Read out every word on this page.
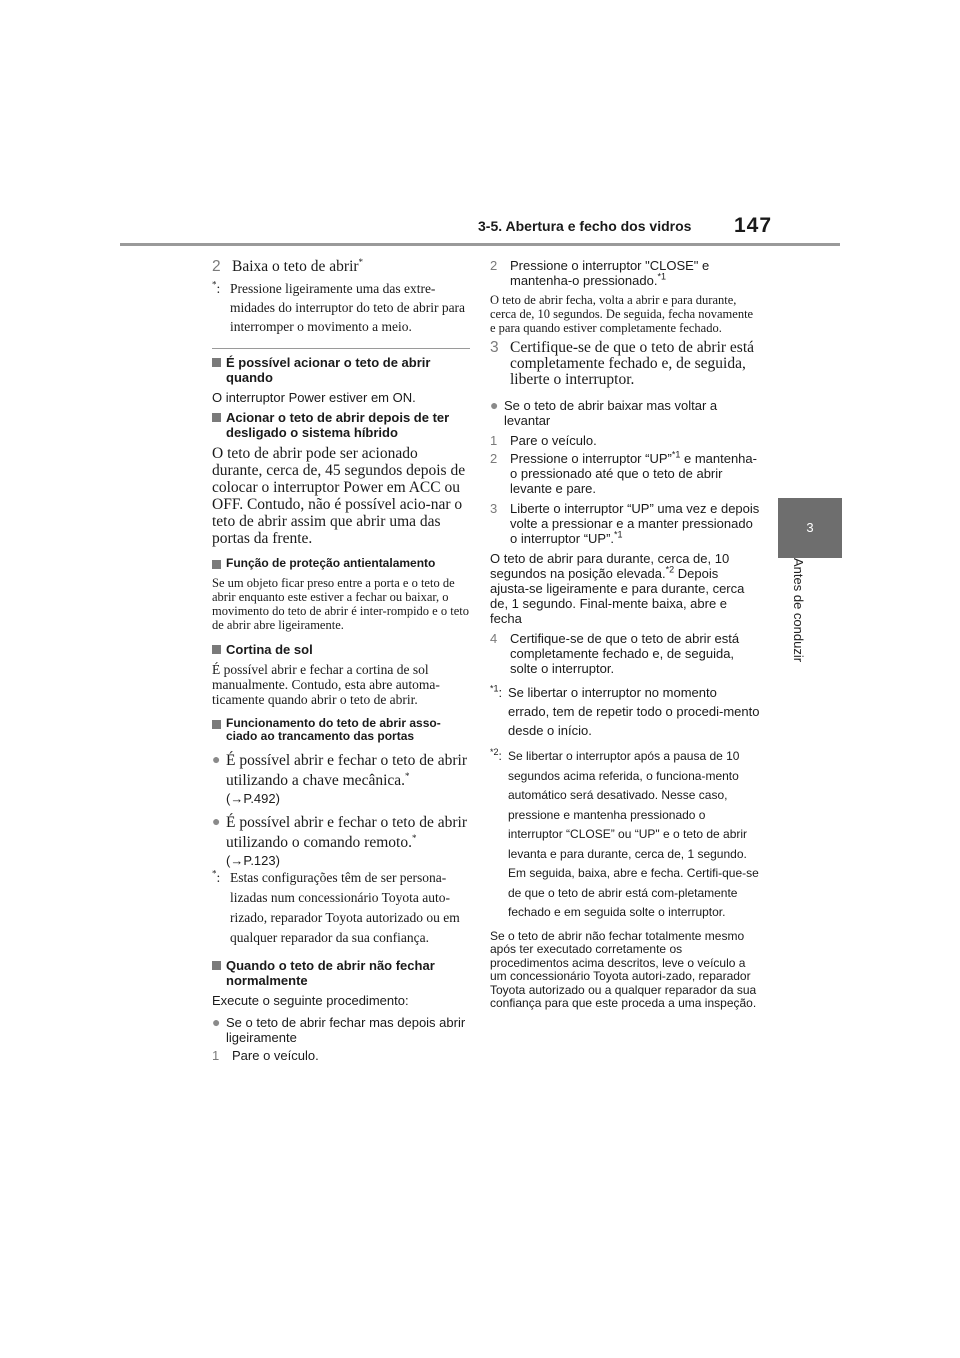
3-5. Abertura e fecho dos vidros 147
3
Antes de conduzir

2 Baixa o teto de abrir*

*: Pressione ligeiramente uma das extre-midades do interruptor do teto de abrir para interromper o movimento a meio.

É possível acionar o teto de abrir quando

O interruptor Power estiver em ON.

Acionar o teto de abrir depois de ter desligado o sistema híbrido

O teto de abrir pode ser acionado durante, cerca de, 45 segundos depois de colocar o interruptor Power em ACC ou OFF. Contudo, não é possível acio-nar o teto de abrir assim que abrir uma das portas da frente.

Função de proteção antientalamento

Se um objeto ficar preso entre a porta e o teto de abrir enquanto este estiver a fechar ou baixar, o movimento do teto de abrir é inter-rompido e o teto de abrir abre ligeiramente.

Cortina de sol

É possível abrir e fechar a cortina de sol manualmente. Contudo, esta abre automa-ticamente quando abrir o teto de abrir.

Funcionamento do teto de abrir asso-ciado ao trancamento das portas

● É possível abrir e fechar o teto de abrir utilizando a chave mecânica.*

(→P.492)

● É possível abrir e fechar o teto de abrir utilizando o comando remoto.*

(→P.123)

*: Estas configurações têm de ser persona-lizadas num concessionário Toyota auto-rizado, reparador Toyota autorizado ou em qualquer reparador da sua confiança.

Quando o teto de abrir não fechar normalmente

Execute o seguinte procedimento:

● Se o teto de abrir fechar mas depois abrir ligeiramente

1 Pare o veículo.

2 Pressione o interruptor "CLOSE" e mantenha-o pressionado.$^{*1}$

O teto de abrir fecha, volta a abrir e para durante, cerca de, 10 segundos. De seguida, fecha novamente e para quando estiver completamente fechado.

3 Certifique-se de que o teto de abrir está completamente fechado e, de seguida, liberte o interruptor.

● Se o teto de abrir baixar mas voltar a levantar

1 Pare o veículo.

2 Pressione o interruptor “UP”$^{*1}$ e mantenha-o pressionado até que o teto de abrir levante e pare.

3 Liberte o interruptor “UP” uma vez e depois volte a pressionar e a manter pressionado o interruptor “UP”.$^{*1}$

O teto de abrir para durante, cerca de, 10 segundos na posição elevada.$^{*2}$ Depois ajusta-se ligeiramente e para durante, cerca de, 1 segundo. Final-mente baixa, abre e fecha

4 Certifique-se de que o teto de abrir está completamente fechado e, de seguida, solte o interruptor.

$^{*1}$: Se libertar o interruptor no momento errado, tem de repetir todo o procedi-mento desde o início.

$^{*2}$: Se libertar o interruptor após a pausa de 10 segundos acima referida, o funciona-mento automático será desativado. Nesse caso, pressione e mantenha pressionado o interruptor “CLOSE” ou “UP" e o teto de abrir levanta e para durante, cerca de, 1 segundo. Em seguida, baixa, abre e fecha. Certifi-que-se de que o teto de abrir está com-pletamente fechado e em seguida solte o interruptor.

Se o teto de abrir não fechar totalmente mesmo após ter executado corretamente os procedimentos acima descritos, leve o veículo a um concessionário Toyota autori-zado, reparador Toyota autorizado ou a qualquer reparador da sua confiança para que este proceda a uma inspeção.
